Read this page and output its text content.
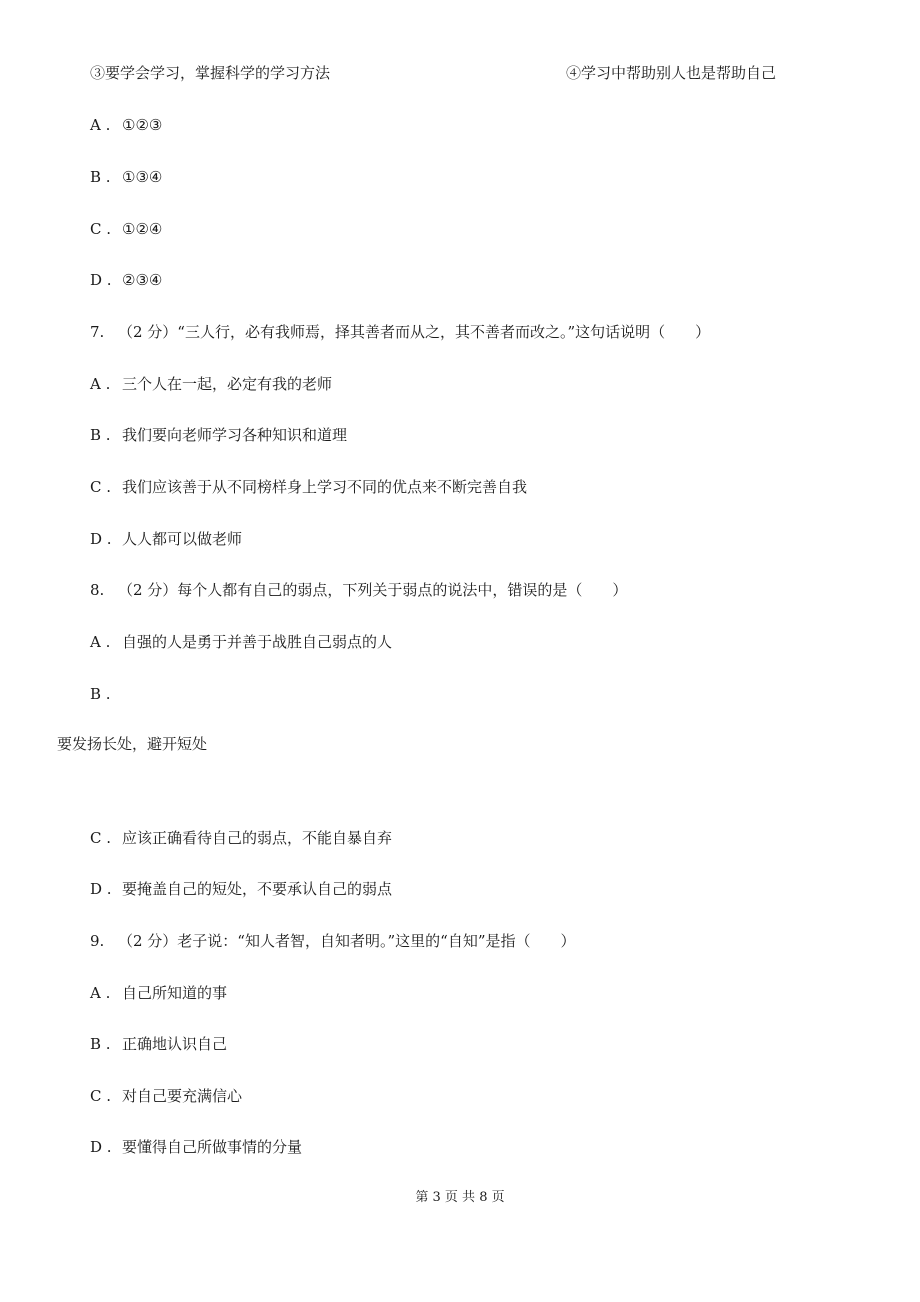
③要学会学习，掌握科学的学习方法	④学习中帮助别人也是帮助自己
A . ①②③
B . ①③④
C . ①②④
D . ②③④
7. （2 分）“三人行，必有我师焉，择其善者而从之，其不善者而改之。”这句话说明（　　）
A . 三个人在一起，必定有我的老师
B . 我们要向老师学习各种知识和道理
C . 我们应该善于从不同榜样身上学习不同的优点来不断完善自我
D . 人人都可以做老师
8. （2 分）每个人都有自己的弱点，下列关于弱点的说法中，错误的是（　　）
A . 自强的人是勇于并善于战胜自己弱点的人
B .
要发扬长处，避开短处
C . 应该正确看待自己的弱点，不能自暴自弃
D . 要掩盖自己的短处，不要承认自己的弱点
9. （2 分）老子说：“知人者智，自知者明。”这里的“自知”是指（　　）
A . 自己所知道的事
B . 正确地认识自己
C . 对自己要充满信心
D . 要懂得自己所做事情的分量
第 3 页 共 8 页
